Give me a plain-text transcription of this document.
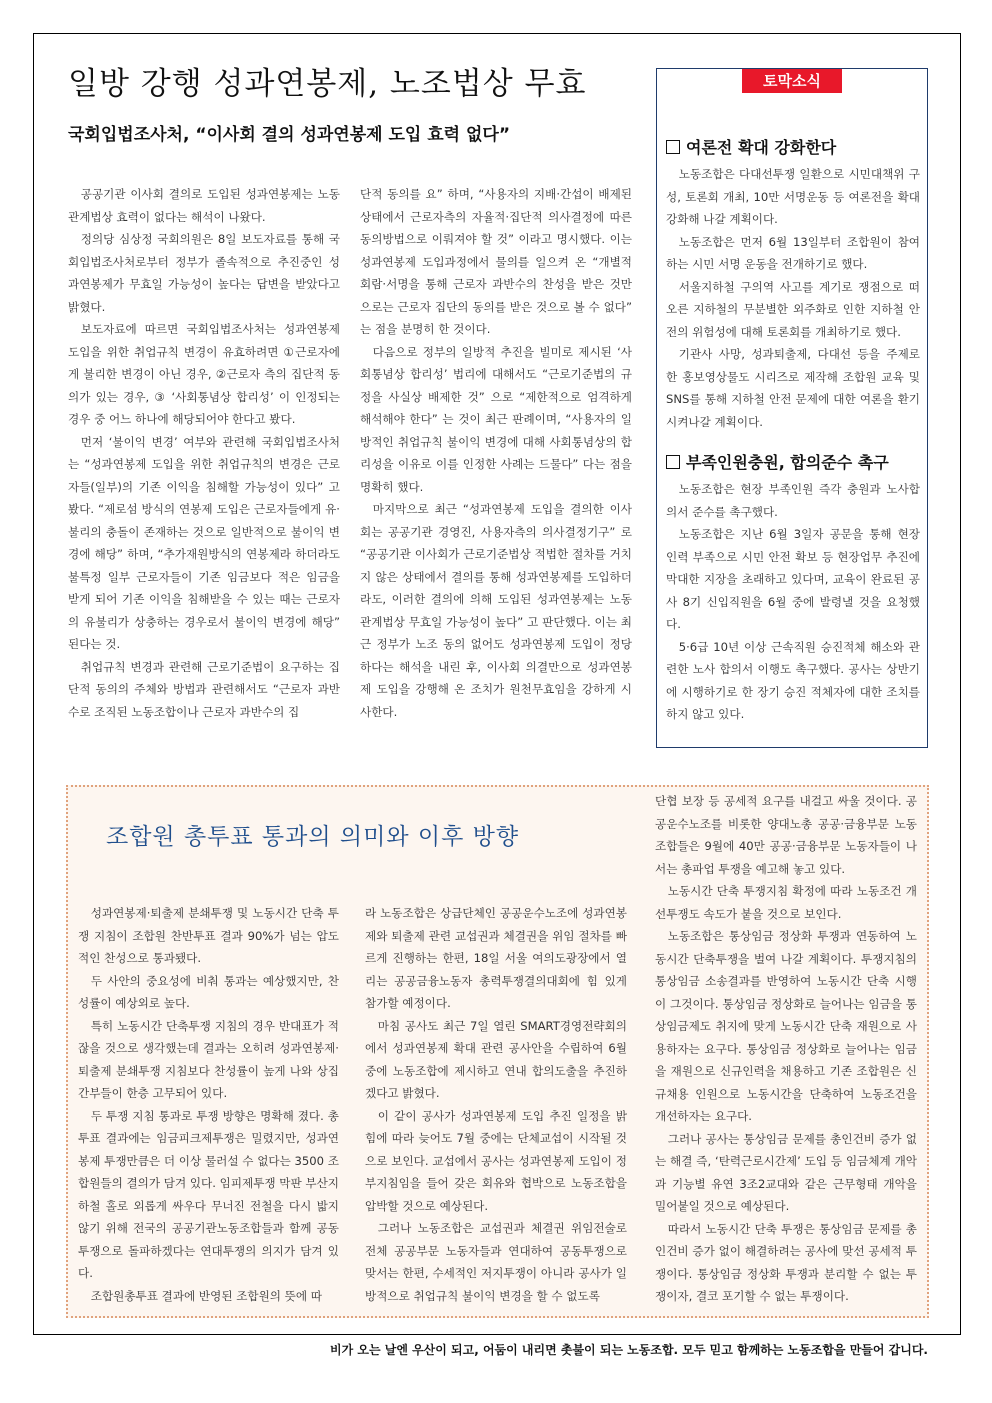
일방 강행 성과연봉제, 노조법상 무효
국회입법조사처, “이사회 결의 성과연봉제 도입 효력 없다”

공공기관 이사회 결의로 도입된 성과연봉제는 노동관계법상 효력이 없다는 해석이 나왔다.

정의당 심상정 국회의원은 8일 보도자료를 통해 국회입법조사처로부터 정부가 졸속적으로 추진중인 성과연봉제가 무효일 가능성이 높다는 답변을 받았다고 밝혔다.

보도자료에 따르면 국회입법조사처는 성과연봉제 도입을 위한 취업규칙 변경이 유효하려면 ①근로자에게 불리한 변경이 아닌 경우, ②근로자 측의 집단적 동의가 있는 경우, ③ ‘사회통념상 합리성’ 이 인정되는 경우 중 어느 하나에 해당되어야 한다고 봤다.

먼저 ‘불이익 변경’ 여부와 관련해 국회입법조사처는 “성과연봉제 도입을 위한 취업규칙의 변경은 근로자들(일부)의 기존 이익을 침해할 가능성이 있다” 고 봤다. “제로섬 방식의 연봉제 도입은 근로자들에게 유·불리의 충돌이 존재하는 것으로 일반적으로 불이익 변경에 해당” 하며, “추가재원방식의 연봉제라 하더라도 불특정 일부 근로자들이 기존 임금보다 적은 임금을 받게 되어 기존 이익을 침해받을 수 있는 때는 근로자의 유불리가 상충하는 경우로서 불이익 변경에 해당” 된다는 것.

취업규칙 변경과 관련해 근로기준법이 요구하는 집단적 동의의 주체와 방법과 관련해서도 “근로자 과반수로 조직된 노동조합이나 근로자 과반수의 집

단적 동의를 요” 하며, “사용자의 지배·간섭이 배제된 상태에서 근로자측의 자율적·집단적 의사결정에 따른 동의방법으로 이뤄져야 할 것” 이라고 명시했다. 이는 성과연봉제 도입과정에서 물의를 일으켜 온 “개별적 회람·서명을 통해 근로자 과반수의 찬성을 받은 것만으로는 근로자 집단의 동의를 받은 것으로 볼 수 없다” 는 점을 분명히 한 것이다.

다음으로 정부의 일방적 추진을 빌미로 제시된 ‘사회통념상 합리성’ 법리에 대해서도 “근로기준법의 규정을 사실상 배제한 것” 으로 “제한적으로 엄격하게 해석해야 한다” 는 것이 최근 판례이며, “사용자의 일방적인 취업규칙 불이익 변경에 대해 사회통념상의 합리성을 이유로 이를 인정한 사례는 드물다” 다는 점을 명확히 했다.

마지막으로 최근 “성과연봉제 도입을 결의한 이사회는 공공기관 경영진, 사용자측의 의사결정기구” 로 “공공기관 이사회가 근로기준법상 적법한 절차를 거치지 않은 상태에서 결의를 통해 성과연봉제를 도입하더라도, 이러한 결의에 의해 도입된 성과연봉제는 노동관계법상 무효일 가능성이 높다” 고 판단했다. 이는 최근 정부가 노조 동의 없어도 성과연봉제 도입이 정당하다는 해석을 내린 후, 이사회 의결만으로 성과연봉제 도입을 강행해 온 조치가 원천무효임을 강하게 시사한다.

토막소식
여론전 확대 강화한다

노동조합은 다대선투쟁 일환으로 시민대책위 구성, 토론회 개최, 10만 서명운동 등 여론전을 확대 강화해 나갈 계획이다.

노동조합은 먼저 6월 13일부터 조합원이 참여하는 시민 서명 운동을 전개하기로 했다.

서울지하철 구의역 사고를 계기로 쟁점으로 떠오른 지하철의 무분별한 외주화로 인한 지하철 안전의 위험성에 대해 토론회를 개최하기로 했다.

기관사 사망, 성과퇴출제, 다대선 등을 주제로 한 홍보영상물도 시리즈로 제작해 조합원 교육 및 SNS를 통해 지하철 안전 문제에 대한 여론을 환기시켜나갈 계획이다.

부족인원충원, 합의준수 촉구

노동조합은 현장 부족인원 즉각 충원과 노사합의서 준수를 촉구했다.

노동조합은 지난 6월 3일자 공문을 통해 현장 인력 부족으로 시민 안전 확보 등 현장업무 추진에 막대한 지장을 초래하고 있다며, 교육이 완료된 공사 8기 신입직원을 6월 중에 발령낼 것을 요청했다.

5·6급 10년 이상 근속직원 승진적체 해소와 관련한 노사 합의서 이행도 촉구했다. 공사는 상반기에 시행하기로 한 장기 승진 적체자에 대한 조치를 하지 않고 있다.

조합원 총투표 통과의 의미와 이후 방향

성과연봉제·퇴출제 분쇄투쟁 및 노동시간 단축 투쟁 지침이 조합원 찬반투표 결과 90%가 넘는 압도적인 찬성으로 통과됐다.

두 사안의 중요성에 비춰 통과는 예상했지만, 찬성률이 예상외로 높다.

특히 노동시간 단축투쟁 지침의 경우 반대표가 적잖을 것으로 생각했는데 결과는 오히려 성과연봉제·퇴출제 분쇄투쟁 지침보다 찬성률이 높게 나와 상집간부들이 한층 고무되어 있다.

두 투쟁 지침 통과로 투쟁 방향은 명확해 졌다. 총투표 결과에는 임금피크제투쟁은 밀렸지만, 성과연봉제 투쟁만큼은 더 이상 물러설 수 없다는 3500 조합원들의 결의가 담겨 있다. 임피제투쟁 막판 부산지하철 홀로 외롭게 싸우다 무너진 전철을 다시 밟지 않기 위해 전국의 공공기관노동조합들과 함께 공동투쟁으로 돌파하겠다는 연대투쟁의 의지가 담겨 있다.

조합원총투표 결과에 반영된 조합원의 뜻에 따

라 노동조합은 상급단체인 공공운수노조에 성과연봉제와 퇴출제 관련 교섭권과 체결권을 위임 절차를 빠르게 진행하는 한편, 18일 서울 여의도광장에서 열리는 공공금융노동자 총력투쟁결의대회에 힘 있게 참가할 예정이다.

마침 공사도 최근 7일 열린 SMART경영전략회의에서 성과연봉제 확대 관련 공사안을 수립하여 6월 중에 노동조합에 제시하고 연내 합의도출을 추진하겠다고 밝혔다.

이 같이 공사가 성과연봉제 도입 추진 일정을 밝힘에 따라 늦어도 7월 중에는 단체교섭이 시작될 것으로 보인다. 교섭에서 공사는 성과연봉제 도입이 정부지침임을 들어 갖은 회유와 협박으로 노동조합을 압박할 것으로 예상된다.

그러나 노동조합은 교섭권과 체결권 위임전술로 전체 공공부문 노동자들과 연대하여 공동투쟁으로 맞서는 한편, 수세적인 저지투쟁이 아니라 공사가 일방적으로 취업규칙 불이익 변경을 할 수 없도록

단협 보장 등 공세적 요구를 내걸고 싸울 것이다. 공공운수노조를 비롯한 양대노총 공공·금융부문 노동조합들은 9월에 40만 공공·금융부문 노동자들이 나서는 총파업 투쟁을 예고해 놓고 있다.

노동시간 단축 투쟁지침 확정에 따라 노동조건 개선투쟁도 속도가 붙을 것으로 보인다.

노동조합은 통상임금 정상화 투쟁과 연동하여 노동시간 단축투쟁을 벌여 나갈 계획이다. 투쟁지침의 통상임금 소송결과를 반영하여 노동시간 단축 시행이 그것이다. 통상임금 정상화로 늘어나는 임금을 통상임금제도 취지에 맞게 노동시간 단축 재원으로 사용하자는 요구다. 통상임금 정상화로 늘어나는 임금을 재원으로 신규인력을 채용하고 기존 조합원은 신규채용 인원으로 노동시간을 단축하여 노동조건을 개선하자는 요구다.

그러나 공사는 통상임금 문제를 총인건비 증가 없는 해결 즉, ‘탄력근로시간제’ 도입 등 임금체계 개악과 기능별 유연 3조2교대와 같은 근무형태 개악을 밀어붙일 것으로 예상된다.

따라서 노동시간 단축 투쟁은 통상임금 문제를 총인건비 증가 없이 해결하려는 공사에 맞선 공세적 투쟁이다. 통상임금 정상화 투쟁과 분리할 수 없는 투쟁이자, 결코 포기할 수 없는 투쟁이다.

비가 오는 날엔 우산이 되고, 어둠이 내리면 촛불이 되는 노동조합. 모두 믿고 함께하는 노동조합을 만들어 갑니다.
